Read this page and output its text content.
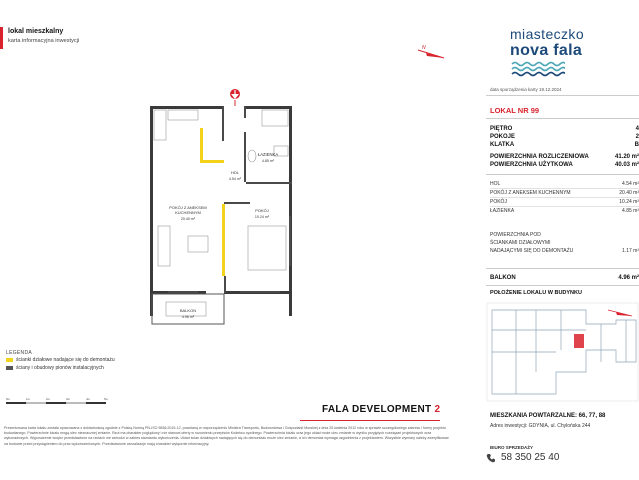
lokal mieszkalny
karta informacyjna inwestycji
N
ŁAZIENKA
4.85 m²
HOL
4.54 m²
POKÓJ Z ANEKSEM
KUCHENNYM
20.40 m²
POKÓJ
10.24 m²
BALKON
4.96 m²
LEGENDA
ścianki działowe nadające się do demontażu
ściany i obudowy pionów instalacyjnych
0m	1m	2m	3m	4m	5m
FALA DEVELOPMENT 2
Prezentowana karta lokalu została opracowana z dokładnością zgodnie z Polską Normą PN-ISO 9836:2015-12, powołaną w rozporządzeniu Ministra Transportu, Budownictwa i Gospodarki Morskiej z dnia 25 kwietnia 2012 roku w sprawie szczegółowego zakresu i formy projektu budowlanego. Powierzchnie lokalu mogą ulec nieznacznej zmianie. Rzut ma charakter poglądowy i nie stanowi oferty w rozumieniu przepisów Kodeksu cywilnego. Powierzchnia lokalu oraz jego układ może ulec zmianie w wyniku przyjętych rozwiązań projektowych oraz wykonawczych. Wyposażenie wnętrz przedstawione na rzutach nie wchodzi w zakres standardu wykończenia. Układ ścian działowych nadających się do demontażu może ulec zmianie, a ich demontaż wymaga uzgodnienia z projektantem. Wszystkie wymiary należy zweryfikować na budowie przed przystąpieniem do prac wykończeniowych. Przedstawione wizualizacje mają charakter wyłącznie informacyjny.
miasteczko
nova fala
data sporządzenia karty 19.12.2024
LOKAL NR 99
PIĘTRO	4
POKOJE	2
KLATKA	B
POWIERZCHNIA ROZLICZENIOWA	41.20 m²
POWIERZCHNIA UŻYTKOWA	40.03 m²
HOL	4.54 m²
POKÓJ Z ANEKSEM KUCHENNYM	20.40 m²
POKÓJ	10.24 m²
ŁAZIENKA	4.85 m²
POWIERZCHNIA POD
ŚCIANKAMI DZIAŁOWYMI
NADAJĄCYMI SIĘ DO DEMONTAŻU	1.17 m²
BALKON	4.96 m²
POŁOŻENIE LOKALU W BUDYNKU
MIESZKANIA POWTARZALNE: 66, 77, 88
Adres inwestycji: GDYNIA, ul. Chylońska 244
BIURO SPRZEDAŻY
58 350 25 40
